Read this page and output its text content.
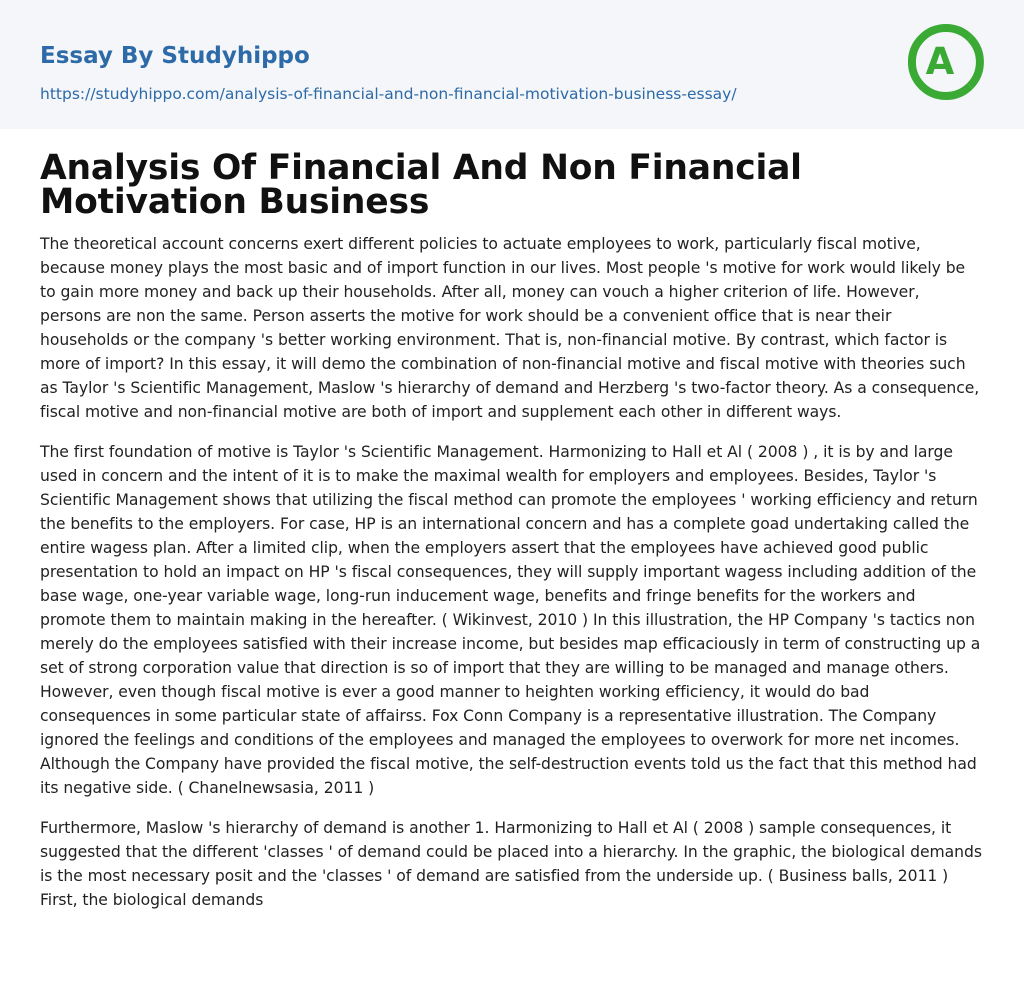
Essay By Studyhippo
https://studyhippo.com/analysis-of-financial-and-non-financial-motivation-business-essay/
A
Analysis Of Financial And Non Financial Motivation Business

The theoretical account concerns exert different policies to actuate employees to work, particularly fiscal motive, because money plays the most basic and of import function in our lives. Most people 's motive for work would likely be to gain more money and back up their households. After all, money can vouch a higher criterion of life. However, persons are non the same. Person asserts the motive for work should be a convenient office that is near their households or the company 's better working environment. That is, non-financial motive. By contrast, which factor is more of import? In this essay, it will demo the combination of non-financial motive and fiscal motive with theories such as Taylor 's Scientific Management, Maslow 's hierarchy of demand and Herzberg 's two-factor theory. As a consequence, fiscal motive and non-financial motive are both of import and supplement each other in different ways.

The first foundation of motive is Taylor 's Scientific Management. Harmonizing to Hall et Al ( 2008 ) , it is by and large used in concern and the intent of it is to make the maximal wealth for employers and employees. Besides, Taylor 's Scientific Management shows that utilizing the fiscal method can promote the employees ' working efficiency and return the benefits to the employers. For case, HP is an international concern and has a complete goad undertaking called the entire wagess plan. After a limited clip, when the employers assert that the employees have achieved good public presentation to hold an impact on HP 's fiscal consequences, they will supply important wagess including addition of the base wage, one-year variable wage, long-run inducement wage, benefits and fringe benefits for the workers and promote them to maintain making in the hereafter. ( Wikinvest, 2010 ) In this illustration, the HP Company 's tactics non merely do the employees satisfied with their increase income, but besides map efficaciously in term of constructing up a set of strong corporation value that direction is so of import that they are willing to be managed and manage others. However, even though fiscal motive is ever a good manner to heighten working efficiency, it would do bad consequences in some particular state of affairss. Fox Conn Company is a representative illustration. The Company ignored the feelings and conditions of the employees and managed the employees to overwork for more net incomes. Although the Company have provided the fiscal motive, the self-destruction events told us the fact that this method had its negative side. ( Chanelnewsasia, 2011 )

Furthermore, Maslow 's hierarchy of demand is another 1. Harmonizing to Hall et Al ( 2008 ) sample consequences, it suggested that the different 'classes ' of demand could be placed into a hierarchy. In the graphic, the biological demands is the most necessary posit and the 'classes ' of demand are satisfied from the underside up. ( Business balls, 2011 ) First, the biological demands
